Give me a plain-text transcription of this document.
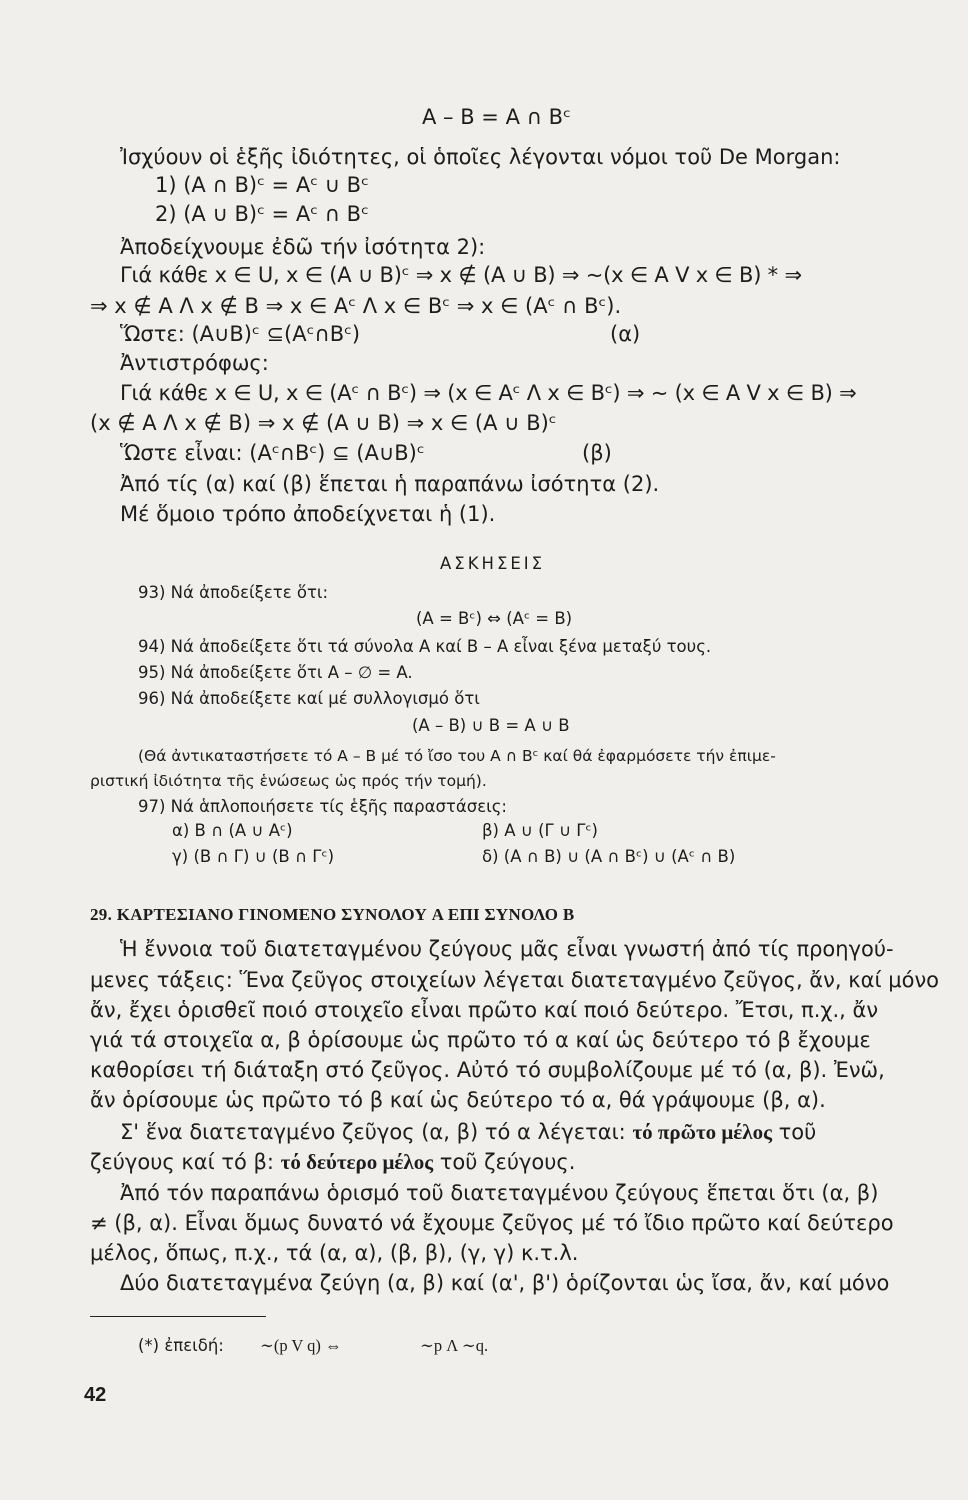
A – B = A ∩ Bᶜ
Ἰσχύουν οἱ ἑξῆς ἰδιότητες, οἱ ὁποῖες λέγονται νόμοι τοῦ De Morgan:
1) (A ∩ B)ᶜ = Aᶜ ∪ Bᶜ
2) (A ∪ B)ᶜ = Aᶜ ∩ Bᶜ
Ἀποδείχνουμε ἐδῶ τήν ἰσότητα 2):
Γιά κάθε x ∈ U, x ∈ (A ∪ B)ᶜ ⇒ x ∉ (A ∪ B) ⇒ ∼(x ∈ A V x ∈ B) * ⇒
⇒ x ∉ A Λ x ∉ B ⇒ x ∈ Aᶜ Λ x ∈ Bᶜ ⇒ x ∈ (Aᶜ ∩ Bᶜ).
Ὥστε: (A∪B)ᶜ ⊆(Aᶜ∩Bᶜ)	(α)
Ἀντιστρόφως:
Γιά κάθε x ∈ U, x ∈ (Aᶜ ∩ Bᶜ) ⇒ (x ∈ Aᶜ Λ x ∈ Bᶜ) ⇒ ∼ (x ∈ A V x ∈ B) ⇒
(x ∉ A Λ x ∉ B) ⇒ x ∉ (A ∪ B) ⇒ x ∈ (A ∪ B)ᶜ
Ὥστε εἶναι: (Aᶜ∩Bᶜ) ⊆ (A∪B)ᶜ	(β)
Ἀπό τίς (α) καί (β) ἕπεται ἡ παραπάνω ἰσότητα (2).
Μέ ὅμοιο τρόπο ἀποδείχνεται ἡ (1).
ΑΣΚΗΣΕΙΣ
93) Νά ἀποδείξετε ὅτι:
(A = Bᶜ) ⇔ (Aᶜ = B)
94) Νά ἀποδείξετε ὅτι τά σύνολα A καί B – A εἶναι ξένα μεταξύ τους.
95) Νά ἀποδείξετε ὅτι A – ∅ = A.
96) Νά ἀποδείξετε καί μέ συλλογισμό ὅτι
(A – B) ∪ B = A ∪ B
(Θά ἀντικαταστήσετε τό A – B μέ τό ἴσο του A ∩ Bᶜ καί θά ἐφαρμόσετε τήν ἐπιμε-
ριστική ἰδιότητα τῆς ἑνώσεως ὡς πρός τήν τομή).
97) Νά ἁπλοποιήσετε τίς ἑξῆς παραστάσεις:
α) B ∩ (A ∪ Aᶜ)	β) A ∪ (Γ ∪ Γᶜ)
γ) (B ∩ Γ) ∪ (B ∩ Γᶜ)	δ) (A ∩ B) ∪ (A ∩ Bᶜ) ∪ (Aᶜ ∩ B)
29. ΚΑΡΤΕΣΙΑΝΟ ΓΙΝΟΜΕΝΟ ΣΥΝΟΛΟΥ A ΕΠΙ ΣΥΝΟΛΟ B
Ἡ ἔννοια τοῦ διατεταγμένου ζεύγους μᾶς εἶναι γνωστή ἀπό τίς προηγού-
μενες τάξεις: Ἕνα ζεῦγος στοιχείων λέγεται διατεταγμένο ζεῦγος, ἄν, καί μόνο
ἄν, ἔχει ὁρισθεῖ ποιό στοιχεῖο εἶναι πρῶτο καί ποιό δεύτερο. Ἔτσι, π.χ., ἄν
γιά τά στοιχεῖα α, β ὁρίσουμε ὡς πρῶτο τό α καί ὡς δεύτερο τό β ἔχουμε
καθορίσει τή διάταξη στό ζεῦγος. Αὐτό τό συμβολίζουμε μέ τό (α, β). Ἐνῶ,
ἄν ὁρίσουμε ὡς πρῶτο τό β καί ὡς δεύτερο τό α, θά γράψουμε (β, α).
Σ' ἕνα διατεταγμένο ζεῦγος (α, β) τό α λέγεται: τό πρῶτο μέλος τοῦ
ζεύγους καί τό β: τό δεύτερο μέλος τοῦ ζεύγους.
Ἀπό τόν παραπάνω ὁρισμό τοῦ διατεταγμένου ζεύγους ἕπεται ὅτι (α, β)
≠ (β, α). Εἶναι ὅμως δυνατό νά ἔχουμε ζεῦγος μέ τό ἴδιο πρῶτο καί δεύτερο
μέλος, ὅπως, π.χ., τά (α, α), (β, β), (γ, γ) κ.τ.λ.
Δύο διατεταγμένα ζεύγη (α, β) καί (α', β') ὁρίζονται ὡς ἴσα, ἄν, καί μόνο
(*) ἐπειδή: ∼(p V q) ⇔	∼p Λ ∼q.
42
